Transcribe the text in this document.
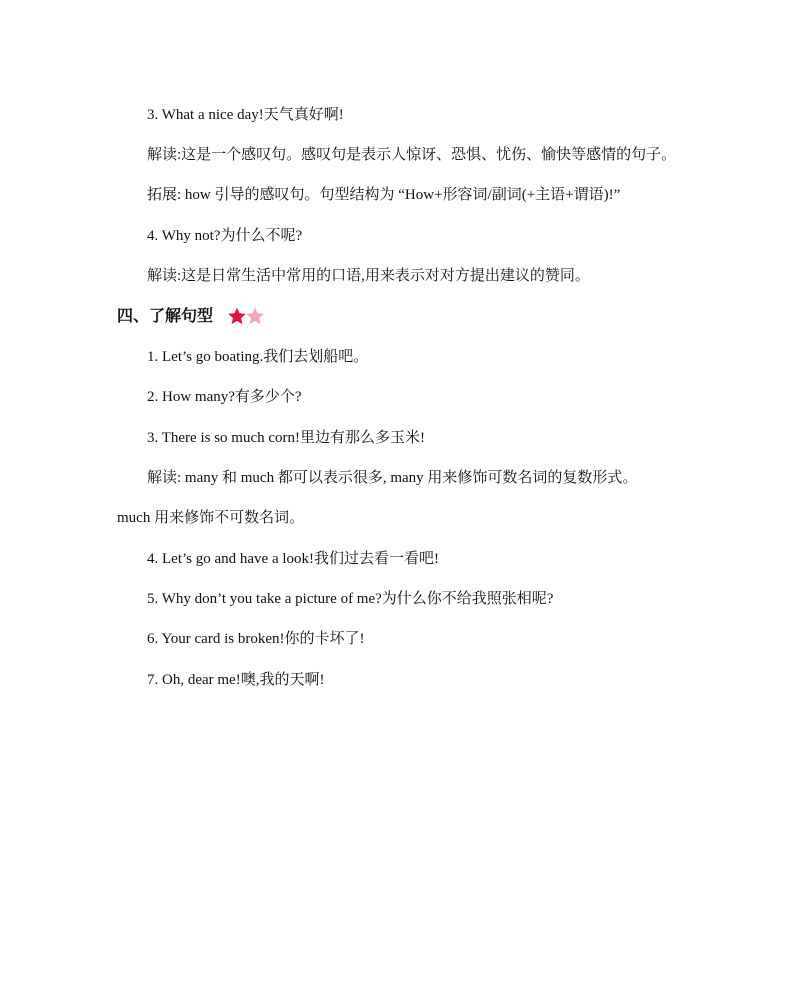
3. What a nice day!天气真好啊!
解读:这是一个感叹句。感叹句是表示人惊讶、恐惧、忧伤、愉快等感情的句子。
拓展: how 引导的感叹句。句型结构为 “How+形容词/副词(+主语+谓语)!”
4. Why not?为什么不呢?
解读:这是日常生活中常用的口语,用来表示对对方提出建议的赞同。
四、了解句型
1. Let’s go boating.我们去划船吧。
2. How many?有多少个?
3. There is so much corn!里边有那么多玉米!
解读: many 和 much 都可以表示很多, many 用来修饰可数名词的复数形式。
much 用来修饰不可数名词。
4. Let’s go and have a look!我们过去看一看吧!
5. Why don’t you take a picture of me?为什么你不给我照张相呢?
6. Your card is broken!你的卡坏了!
7. Oh, dear me!噢,我的天啊!
